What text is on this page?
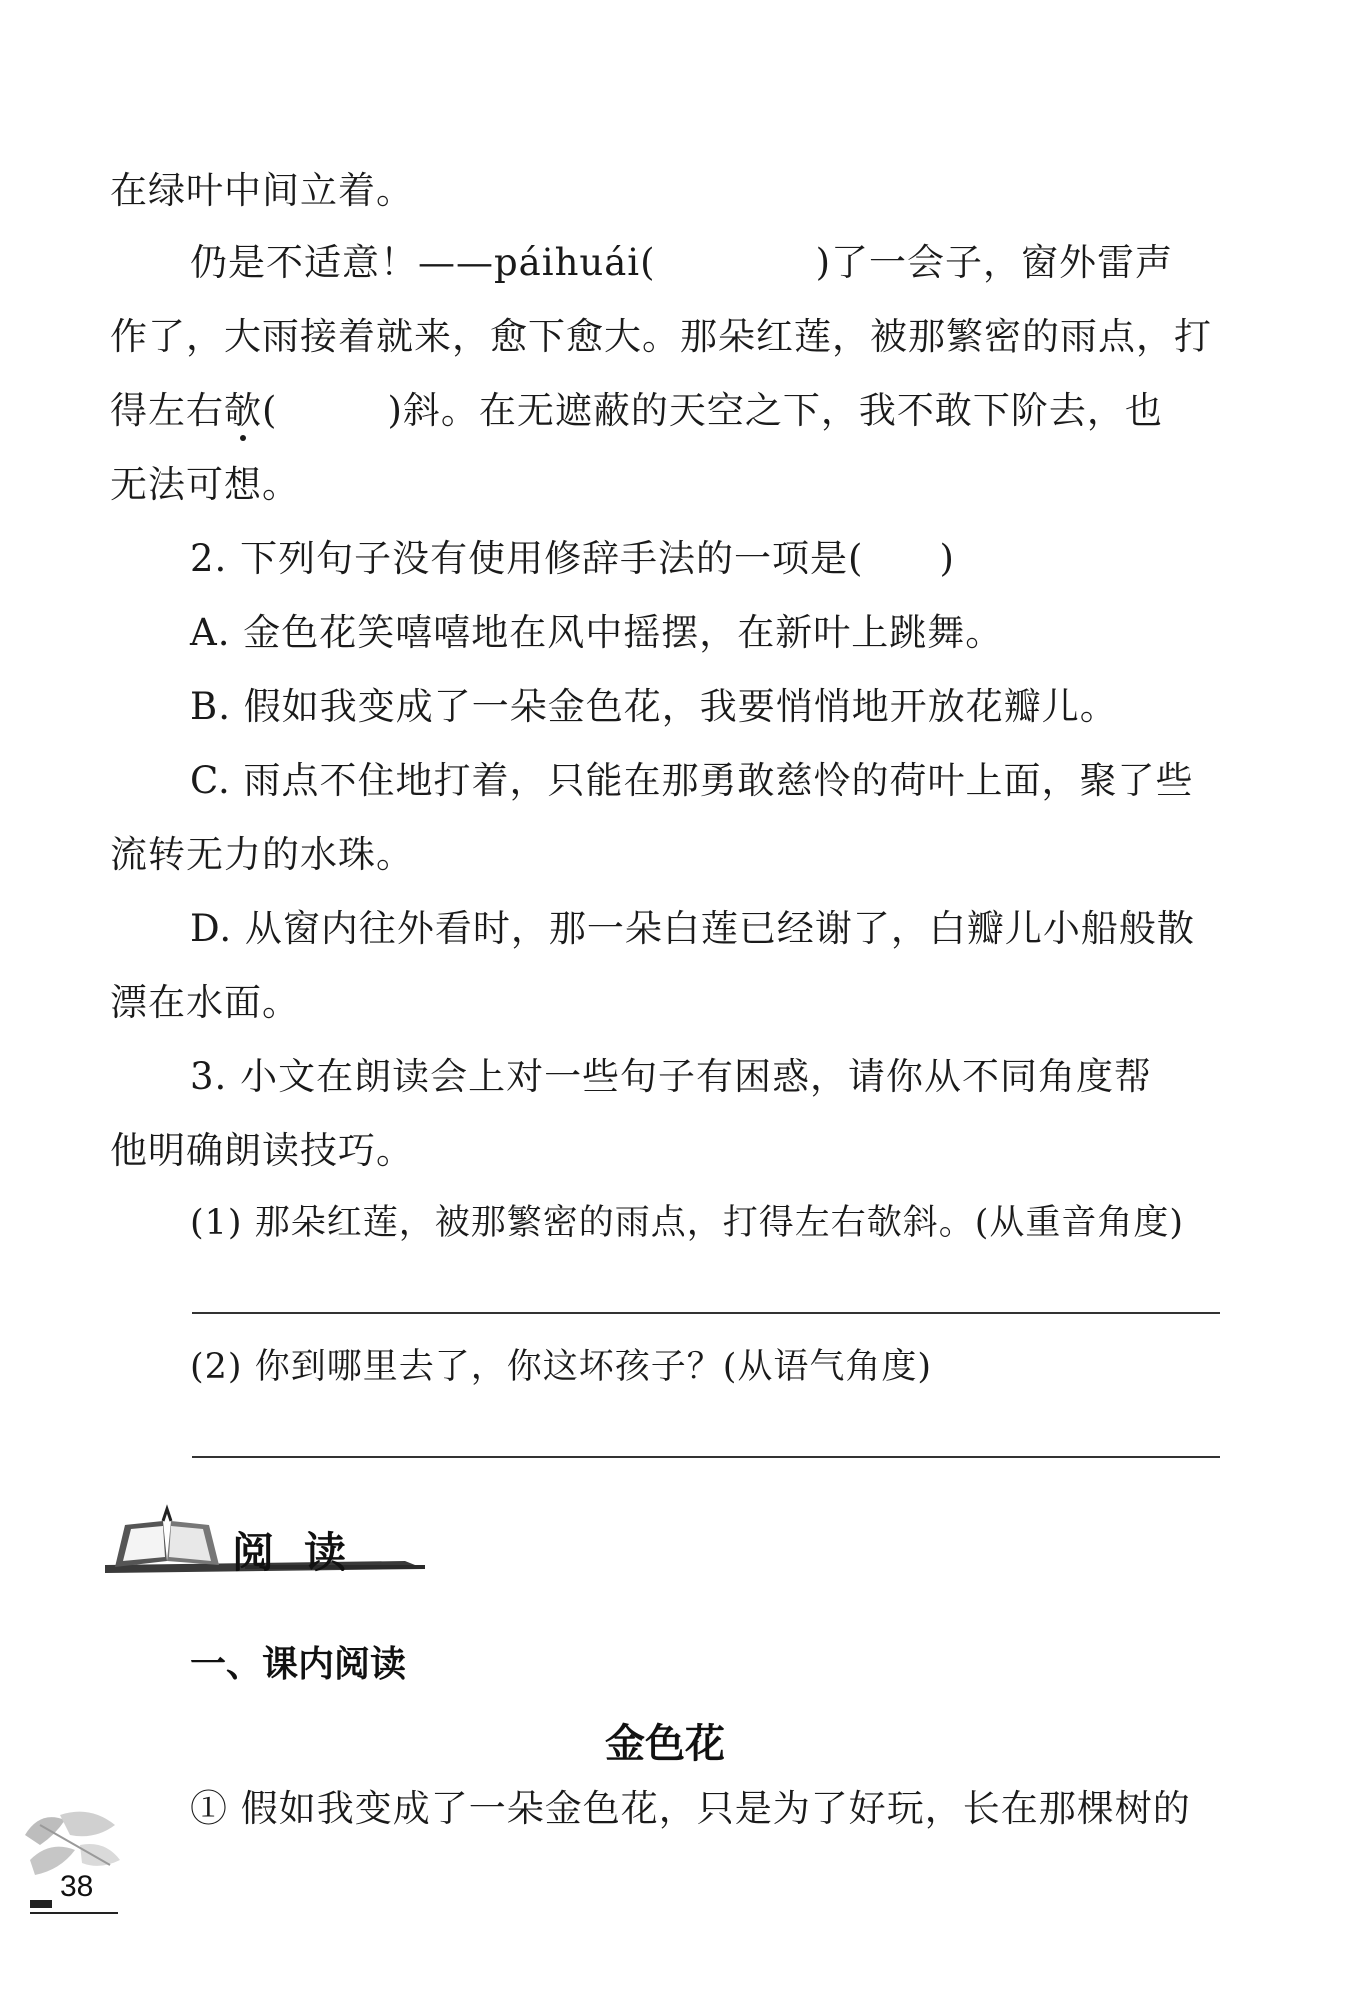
在绿叶中间立着。
仍是不适意！——páihuái(	)了一会子，窗外雷声
作了，大雨接着就来，愈下愈大。那朵红莲，被那繁密的雨点，打
得左右欹(	)斜。在无遮蔽的天空之下，我不敢下阶去，也
无法可想。
2. 下列句子没有使用修辞手法的一项是(　　)
A. 金色花笑嘻嘻地在风中摇摆，在新叶上跳舞。
B. 假如我变成了一朵金色花，我要悄悄地开放花瓣儿。
C. 雨点不住地打着，只能在那勇敢慈怜的荷叶上面，聚了些
流转无力的水珠。
D. 从窗内往外看时，那一朵白莲已经谢了，白瓣儿小船般散
漂在水面。
3. 小文在朗读会上对一些句子有困惑，请你从不同角度帮
他明确朗读技巧。
(1) 那朵红莲，被那繁密的雨点，打得左右欹斜。(从重音角度)
(2) 你到哪里去了，你这坏孩子？(从语气角度)
阅读
一、课内阅读
金色花
① 假如我变成了一朵金色花，只是为了好玩，长在那棵树的
38
